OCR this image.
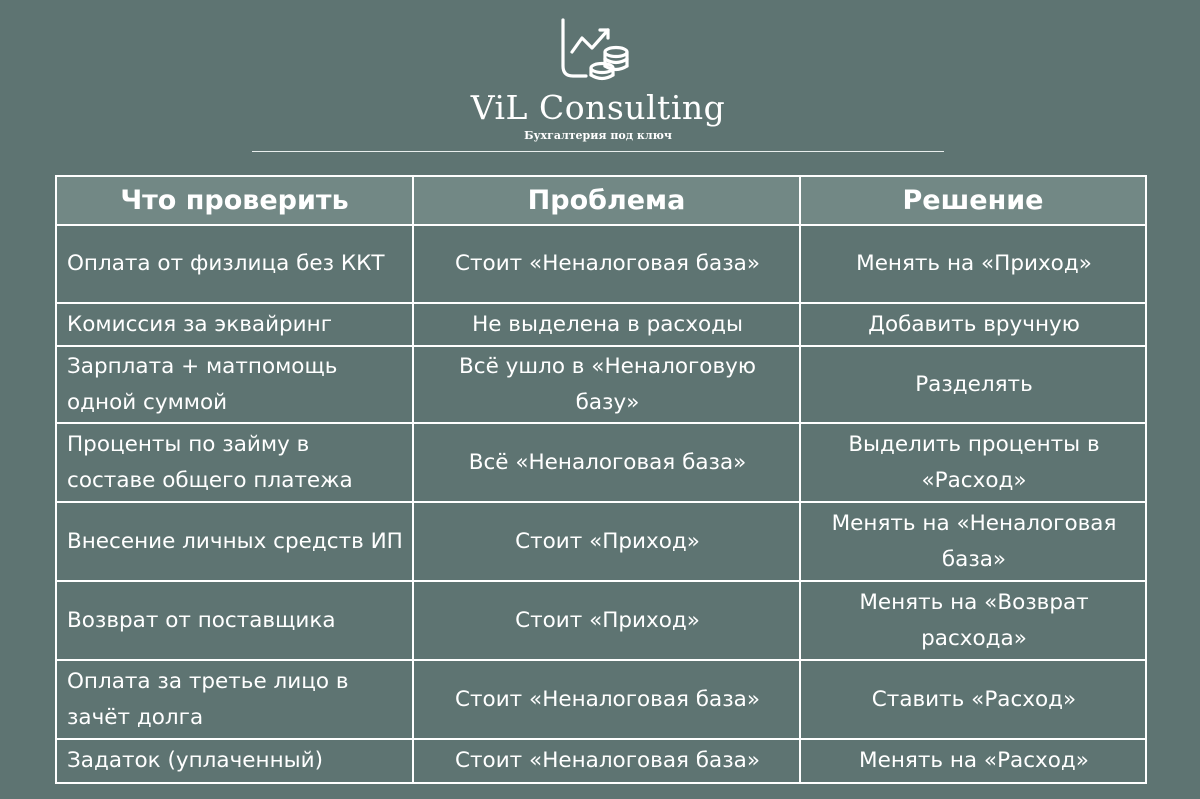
ViL Consulting
Бухгалтерия под ключ
Что проверить	Проблема	Решение
Оплата от физлица без ККТ	Стоит «Неналоговая база»	Менять на «Приход»
Комиссия за эквайринг	Не выделена в расходы	Добавить вручную
Зарплата + матпомощь одной суммой	Всё ушло в «Неналоговую базу»	Разделять
Проценты по займу в составе общего платежа	Всё «Неналоговая база»	Выделить проценты в «Расход»
Внесение личных средств ИП	Стоит «Приход»	Менять на «Неналоговая база»
Возврат от поставщика	Стоит «Приход»	Менять на «Возврат расхода»
Оплата за третье лицо в зачёт долга	Стоит «Неналоговая база»	Ставить «Расход»
Задаток (уплаченный)	Стоит «Неналоговая база»	Менять на «Расход»
